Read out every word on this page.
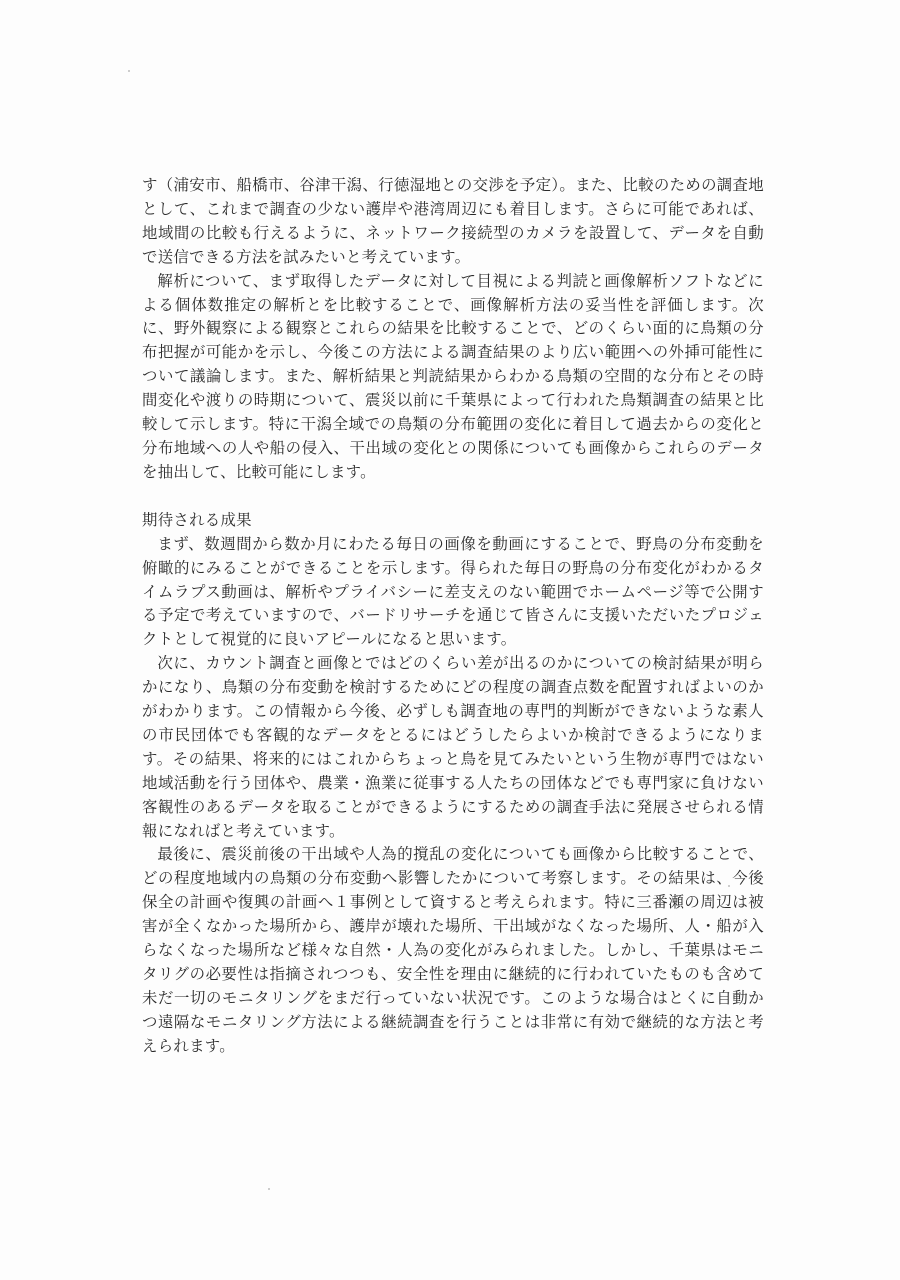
す（浦安市、船橋市、谷津干潟、行徳湿地との交渉を予定）。また、比較のための調査地として、これまで調査の少ない護岸や港湾周辺にも着目します。さらに可能であれば、地域間の比較も行えるように、ネットワーク接続型のカメラを設置して、データを自動で送信できる方法を試みたいと考えています。

解析について、まず取得したデータに対して目視による判読と画像解析ソフトなどによる個体数推定の解析とを比較することで、画像解析方法の妥当性を評価します。次に、野外観察による観察とこれらの結果を比較することで、どのくらい面的に鳥類の分布把握が可能かを示し、今後この方法による調査結果のより広い範囲への外挿可能性について議論します。また、解析結果と判読結果からわかる鳥類の空間的な分布とその時間変化や渡りの時期について、震災以前に千葉県によって行われた鳥類調査の結果と比較して示します。特に干潟全域での鳥類の分布範囲の変化に着目して過去からの変化と分布地域への人や船の侵入、干出域の変化との関係についても画像からこれらのデータを抽出して、比較可能にします。

期待される成果

まず、数週間から数か月にわたる毎日の画像を動画にすることで、野鳥の分布変動を俯瞰的にみることができることを示します。得られた毎日の野鳥の分布変化がわかるタイムラプス動画は、解析やプライバシーに差支えのない範囲でホームページ等で公開する予定で考えていますので、バードリサーチを通じて皆さんに支援いただいたプロジェクトとして視覚的に良いアピールになると思います。

次に、カウント調査と画像とではどのくらい差が出るのかについての検討結果が明らかになり、鳥類の分布変動を検討するためにどの程度の調査点数を配置すればよいのかがわかります。この情報から今後、必ずしも調査地の専門的判断ができないような素人の市民団体でも客観的なデータをとるにはどうしたらよいか検討できるようになります。その結果、将来的にはこれからちょっと鳥を見てみたいという生物が専門ではない地域活動を行う団体や、農業・漁業に従事する人たちの団体などでも専門家に負けない客観性のあるデータを取ることができるようにするための調査手法に発展させられる情報になればと考えています。

最後に、震災前後の干出域や人為的撹乱の変化についても画像から比較することで、どの程度地域内の鳥類の分布変動へ影響したかについて考察します。その結果は、今後保全の計画や復興の計画へ１事例として資すると考えられます。特に三番瀬の周辺は被害が全くなかった場所から、護岸が壊れた場所、干出域がなくなった場所、人・船が入らなくなった場所など様々な自然・人為の変化がみられました。しかし、千葉県はモニタリグの必要性は指摘されつつも、安全性を理由に継続的に行われていたものも含めて未だ一切のモニタリングをまだ行っていない状況です。このような場合はとくに自動かつ遠隔なモニタリング方法による継続調査を行うことは非常に有効で継続的な方法と考えられます。
